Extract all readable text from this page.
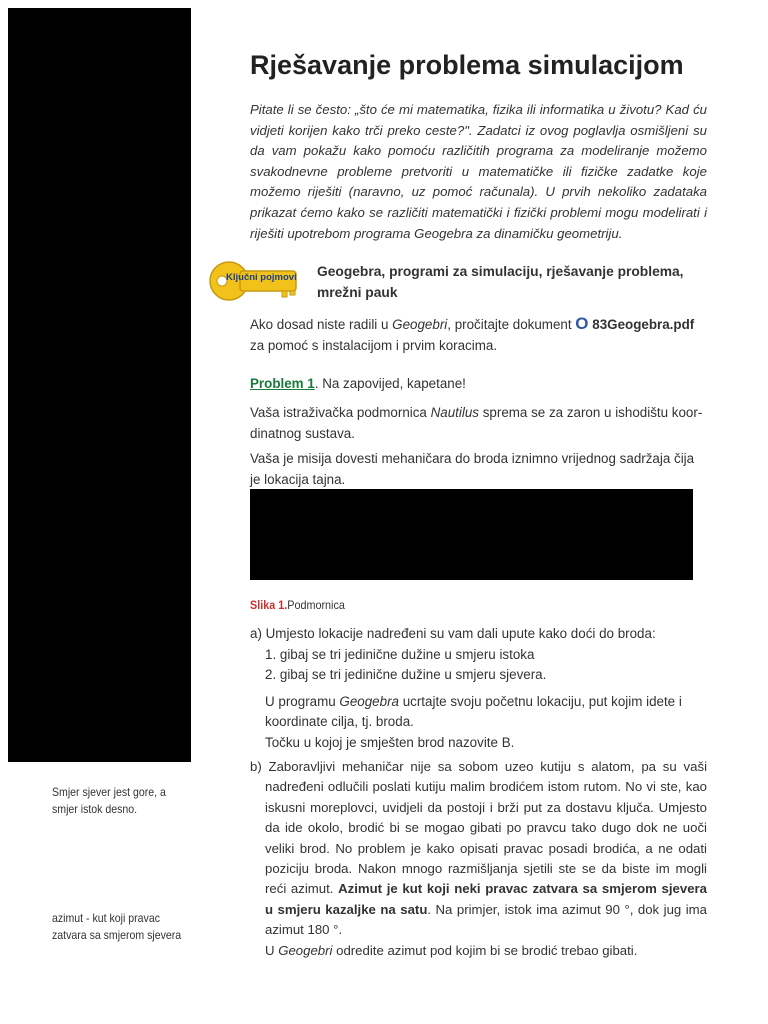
Smjer sjever jest gore, a
smjer istok desno.
azimut - kut koji pravac
zatvara sa smjerom sjevera
Rješavanje problema simulacijom
Pitate li se često: „što će mi matematika, fizika ili informatika u životu? Kad ću vidjeti korijen kako trči preko ceste?". Zadatci iz ovog poglavlja osmišljeni su da vam pokažu kako pomoću različitih programa za modeliranje možemo svakodnevne probleme pretvoriti u matematičke ili fizičke zadatke koje možemo riješiti (naravno, uz pomoć računala). U prvih nekoliko zadataka prikazat ćemo kako se različiti matematički i fizički problemi mogu modelirati i riješiti upotrebom programa Geogebra za dinamičku geometriju.
Ključni pojmovi Geogebra, programi za simulaciju, rješavanje problema,
mrežni pauk
Ako dosad niste radili u Geogebri, pročitajte dokument O 83Geogebra.pdf
za pomoć s instalacijom i prvim koracima.
Problem 1. Na zapovijed, kapetane!
Vaša istraživačka podmornica Nautilus sprema se za zaron u ishodištu koor-
dinatnog sustava.
Vaša je misija dovesti mehaničara do broda iznimno vrijednog sadržaja čija
je lokacija tajna.
Slika 1.Podmornica
a) Umjesto lokacije nadređeni su vam dali upute kako doći do broda:
1. gibaj se tri jedinične dužine u smjeru istoka
2. gibaj se tri jedinične dužine u smjeru sjevera.
U programu Geogebra ucrtajte svoju početnu lokaciju, put kojim idete i
koordinate cilja, tj. broda.
Točku u kojoj je smješten brod nazovite B.
b) Zaboravljivi mehaničar nije sa sobom uzeo kutiju s alatom, pa su vaši nadređeni odlučili poslati kutiju malim brodićem istom rutom. No vi ste, kao iskusni moreplovci, uvidjeli da postoji i brži put za dostavu ključa. Umjesto da ide okolo, brodić bi se mogao gibati po pravcu tako dugo dok ne uoči veliki brod. No problem je kako opisati pravac posadi brodića, a ne odati poziciju broda. Nakon mnogo razmišljanja sjetili ste se da biste im mogli reći azimut. Azimut je kut koji neki pravac zatvara sa smjerom sjevera u smjeru kazaljke na satu. Na primjer, istok ima azimut 90 °, dok jug ima azimut 180 °.
U Geogebri odredite azimut pod kojim bi se brodić trebao gibati.
